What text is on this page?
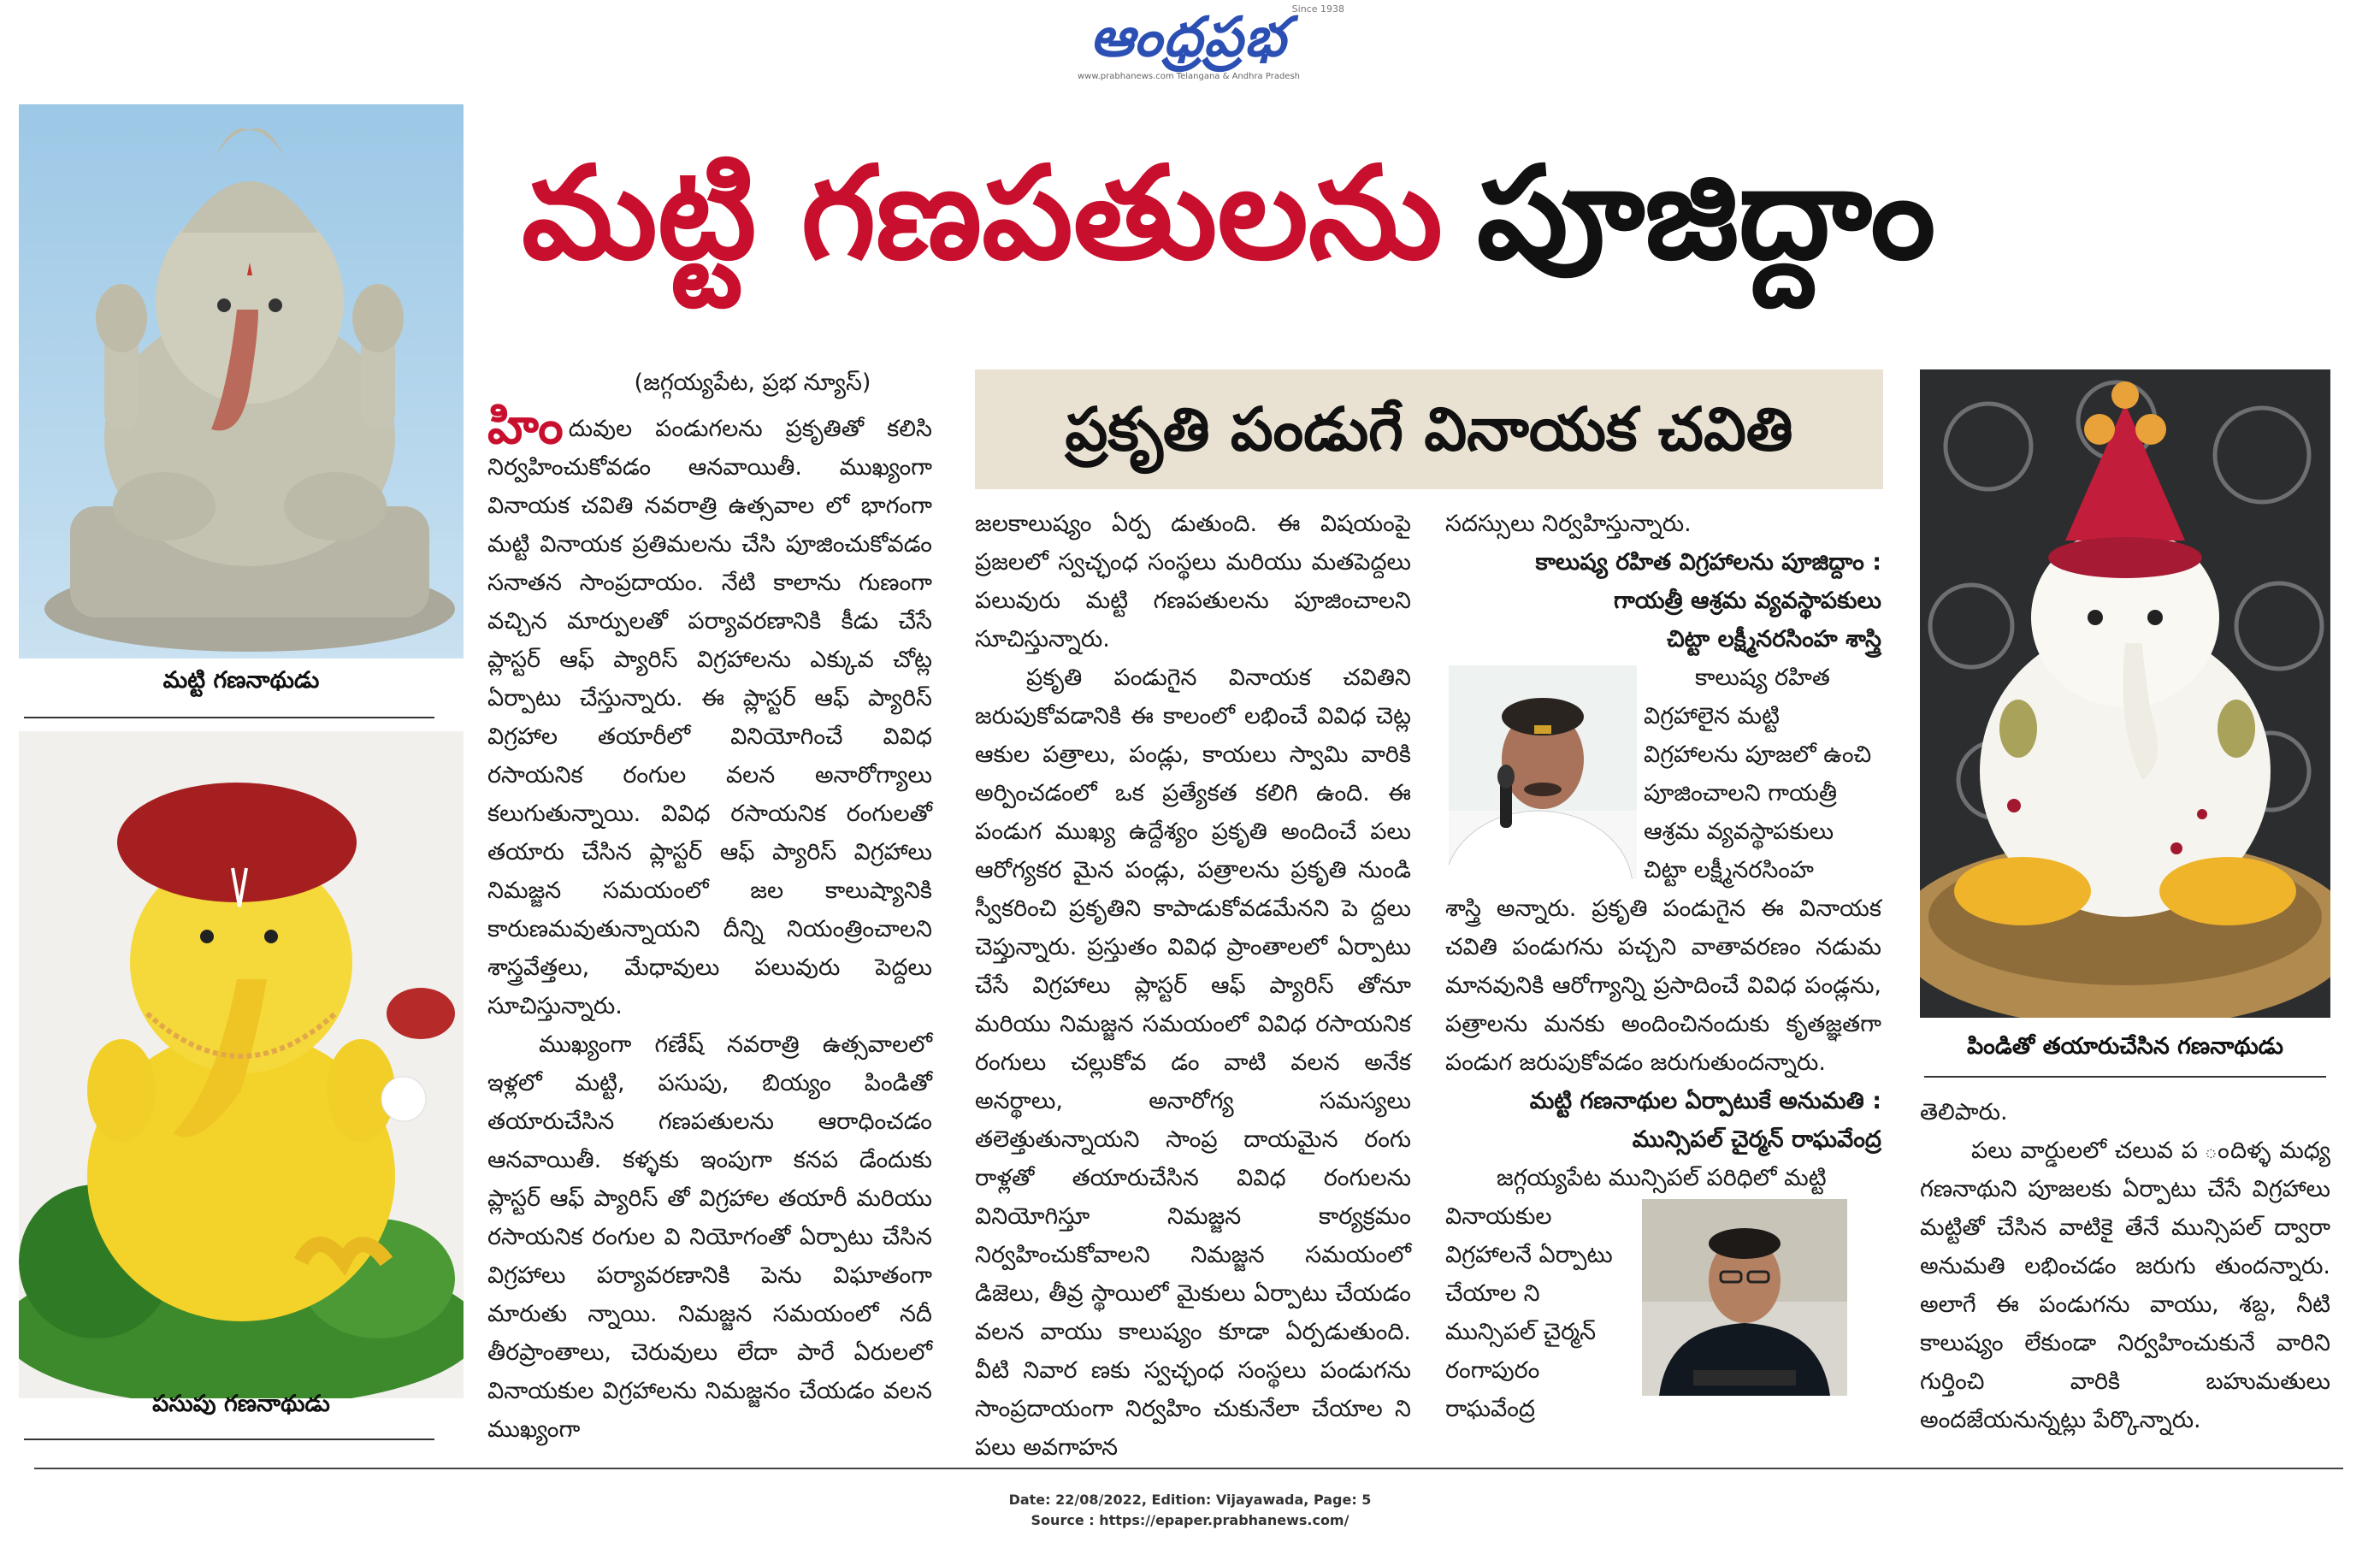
ఆంధ్రప్రభ Since 1938
www.prabhanews.com Telangana & Andhra Pradesh
మట్టి గణపతులను పూజిద్దాం
మట్టి గణనాథుడు
పసుపు గణనాథుడు
(జగ్గయ్యపేట, ప్రభ న్యూస్)

హిందువుల పండుగలను ప్రకృతితో కలిసి నిర్వహించుకోవడం ఆనవాయితీ. ముఖ్యంగా వినాయక చవితి నవరాత్రి ఉత్సవాల లో భాగంగా మట్టి వినాయక ప్రతిమలను చేసి పూజించుకోవడం సనాతన సాంప్రదాయం. నేటి కాలాను గుణంగా వచ్చిన మార్పులతో పర్యావరణానికి కీడు చేసే ప్లాస్టర్ ఆఫ్ ప్యారిస్ విగ్రహాలను ఎక్కువ చోట్ల ఏర్పాటు చేస్తున్నారు. ఈ ప్లాస్టర్ ఆఫ్ ప్యారిస్ విగ్రహాల తయారీలో వినియోగించే వివిధ రసాయనిక రంగుల వలన అనారోగ్యాలు కలుగుతున్నాయి. వివిధ రసాయనిక రంగులతో తయారు చేసిన ప్లాస్టర్ ఆఫ్ ప్యారిస్ విగ్రహాలు నిమజ్జన సమయంలో జల కాలుష్యానికి కారుణమవుతున్నాయని దీన్ని నియంత్రించాలని శాస్త్రవేత్తలు, మేధావులు పలువురు పెద్దలు సూచిస్తున్నారు.

ముఖ్యంగా గణేష్ నవరాత్రి ఉత్సవాలలో ఇళ్లలో మట్టి, పసుపు, బియ్యం పిండితో తయారుచేసిన గణపతులను ఆరాధించడం ఆనవాయితీ. కళ్ళకు ఇంపుగా కనప డేందుకు ప్లాస్టర్ ఆఫ్ ప్యారిస్ తో విగ్రహాల తయారీ మరియు రసాయనిక రంగుల వి నియోగంతో ఏర్పాటు చేసిన విగ్రహాలు పర్యావరణానికి పెను విఘాతంగా మారుతు న్నాయి. నిమజ్జన సమయంలో నదీ తీరప్రాంతాలు, చెరువులు లేదా పారే ఏరులలో వినాయకుల విగ్రహాలను నిమజ్జనం చేయడం వలన ముఖ్యంగా

ప్రకృతి పండుగే వినాయక చవితి

జలకాలుష్యం ఏర్ప డుతుంది. ఈ విషయంపై ప్రజలలో స్వచ్ఛంధ సంస్థలు మరియు మతపెద్దలు పలువురు మట్టి గణపతులను పూజించాలని సూచిస్తున్నారు.

ప్రకృతి పండుగైన వినాయక చవితిని జరుపుకోవడానికి ఈ కాలంలో లభించే వివిధ చెట్ల ఆకుల పత్రాలు, పండ్లు, కాయలు స్వామి వారికి అర్పించడంలో ఒక ప్రత్యేకత కలిగి ఉంది. ఈ పండుగ ముఖ్య ఉద్దేశ్యం ప్రకృతి అందించే పలు ఆరోగ్యకర మైన పండ్లు, పత్రాలను ప్రకృతి నుండి స్వీకరించి ప్రకృతిని కాపాడుకోవడమేనని పె ద్దలు చెప్తున్నారు. ప్రస్తుతం వివిధ ప్రాంతాలలో ఏర్పాటు చేసే విగ్రహాలు ప్లాస్టర్ ఆఫ్ ప్యారిస్ తోనూ మరియు నిమజ్జన సమయంలో వివిధ రసాయనిక రంగులు చల్లుకోవ డం వాటి వలన అనేక అనర్థాలు, అనారోగ్య సమస్యలు తలెత్తుతున్నాయని సాంప్ర దాయమైన రంగు రాళ్లతో తయారుచేసిన వివిధ రంగులను వినియోగిస్తూ నిమజ్జన కార్యక్రమం నిర్వహించుకోవాలని నిమజ్జన సమయంలో డిజెలు, తీవ్ర స్థాయిలో మైకులు ఏర్పాటు చేయడం వలన వాయు కాలుష్యం కూడా ఏర్పడుతుంది. వీటి నివార ణకు స్వచ్ఛంధ సంస్థలు పండుగను సాంప్రదాయంగా నిర్వహిం చుకునేలా చేయాల ని పలు అవగాహన

సదస్సులు నిర్వహిస్తున్నారు.
కాలుష్య రహిత విగ్రహాలను పూజిద్దాం :
గాయత్రీ ఆశ్రమ వ్యవస్థాపకులు
చిట్టా లక్ష్మీనరసింహ శాస్త్రి
కాలుష్య రహిత
విగ్రహాలైన మట్టి
విగ్రహాలను పూజలో ఉంచి
పూజించాలని గాయత్రీ
ఆశ్రమ వ్యవస్థాపకులు
చిట్టా లక్ష్మీనరసింహ

శాస్త్రి అన్నారు. ప్రకృతి పండుగైన ఈ వినాయక చవితి పండుగను పచ్చని వాతావరణం నడుమ మానవునికి ఆరోగ్యాన్ని ప్రసాదించే వివిధ పండ్లను, పత్రాలను మనకు అందించినందుకు కృతజ్ఞతగా పండుగ జరుపుకోవడం జరుగుతుందన్నారు.

మట్టి గణనాథుల ఏర్పాటుకే అనుమతి :
మున్సిపల్ చైర్మన్ రాఘవేంద్ర
జగ్గయ్యపేట మున్సిపల్ పరిధిలో మట్టి
వినాయకుల
విగ్రహాలనే ఏర్పాటు
చేయాల ని
మున్సిపల్ చైర్మన్
రంగాపురం
రాఘవేంద్ర
పిండితో తయారుచేసిన గణనాథుడు

తెలిపారు.

పలు వార్డులలో చలువ ప ందిళ్ళ మధ్య గణనాథుని పూజలకు ఏర్పాటు చేసే విగ్రహాలు మట్టితో చేసిన వాటికై తేనే మున్సిపల్ ద్వారా అనుమతి లభించడం జరుగు తుందన్నారు. అలాగే ఈ పండుగను వాయు, శబ్ద, నీటి కాలుష్యం లేకుండా నిర్వహించుకునే వారిని గుర్తించి వారికి బహుమతులు అందజేయనున్నట్లు పేర్కొన్నారు.

Date: 22/08/2022, Edition: Vijayawada, Page: 5
Source : https://epaper.prabhanews.com/
